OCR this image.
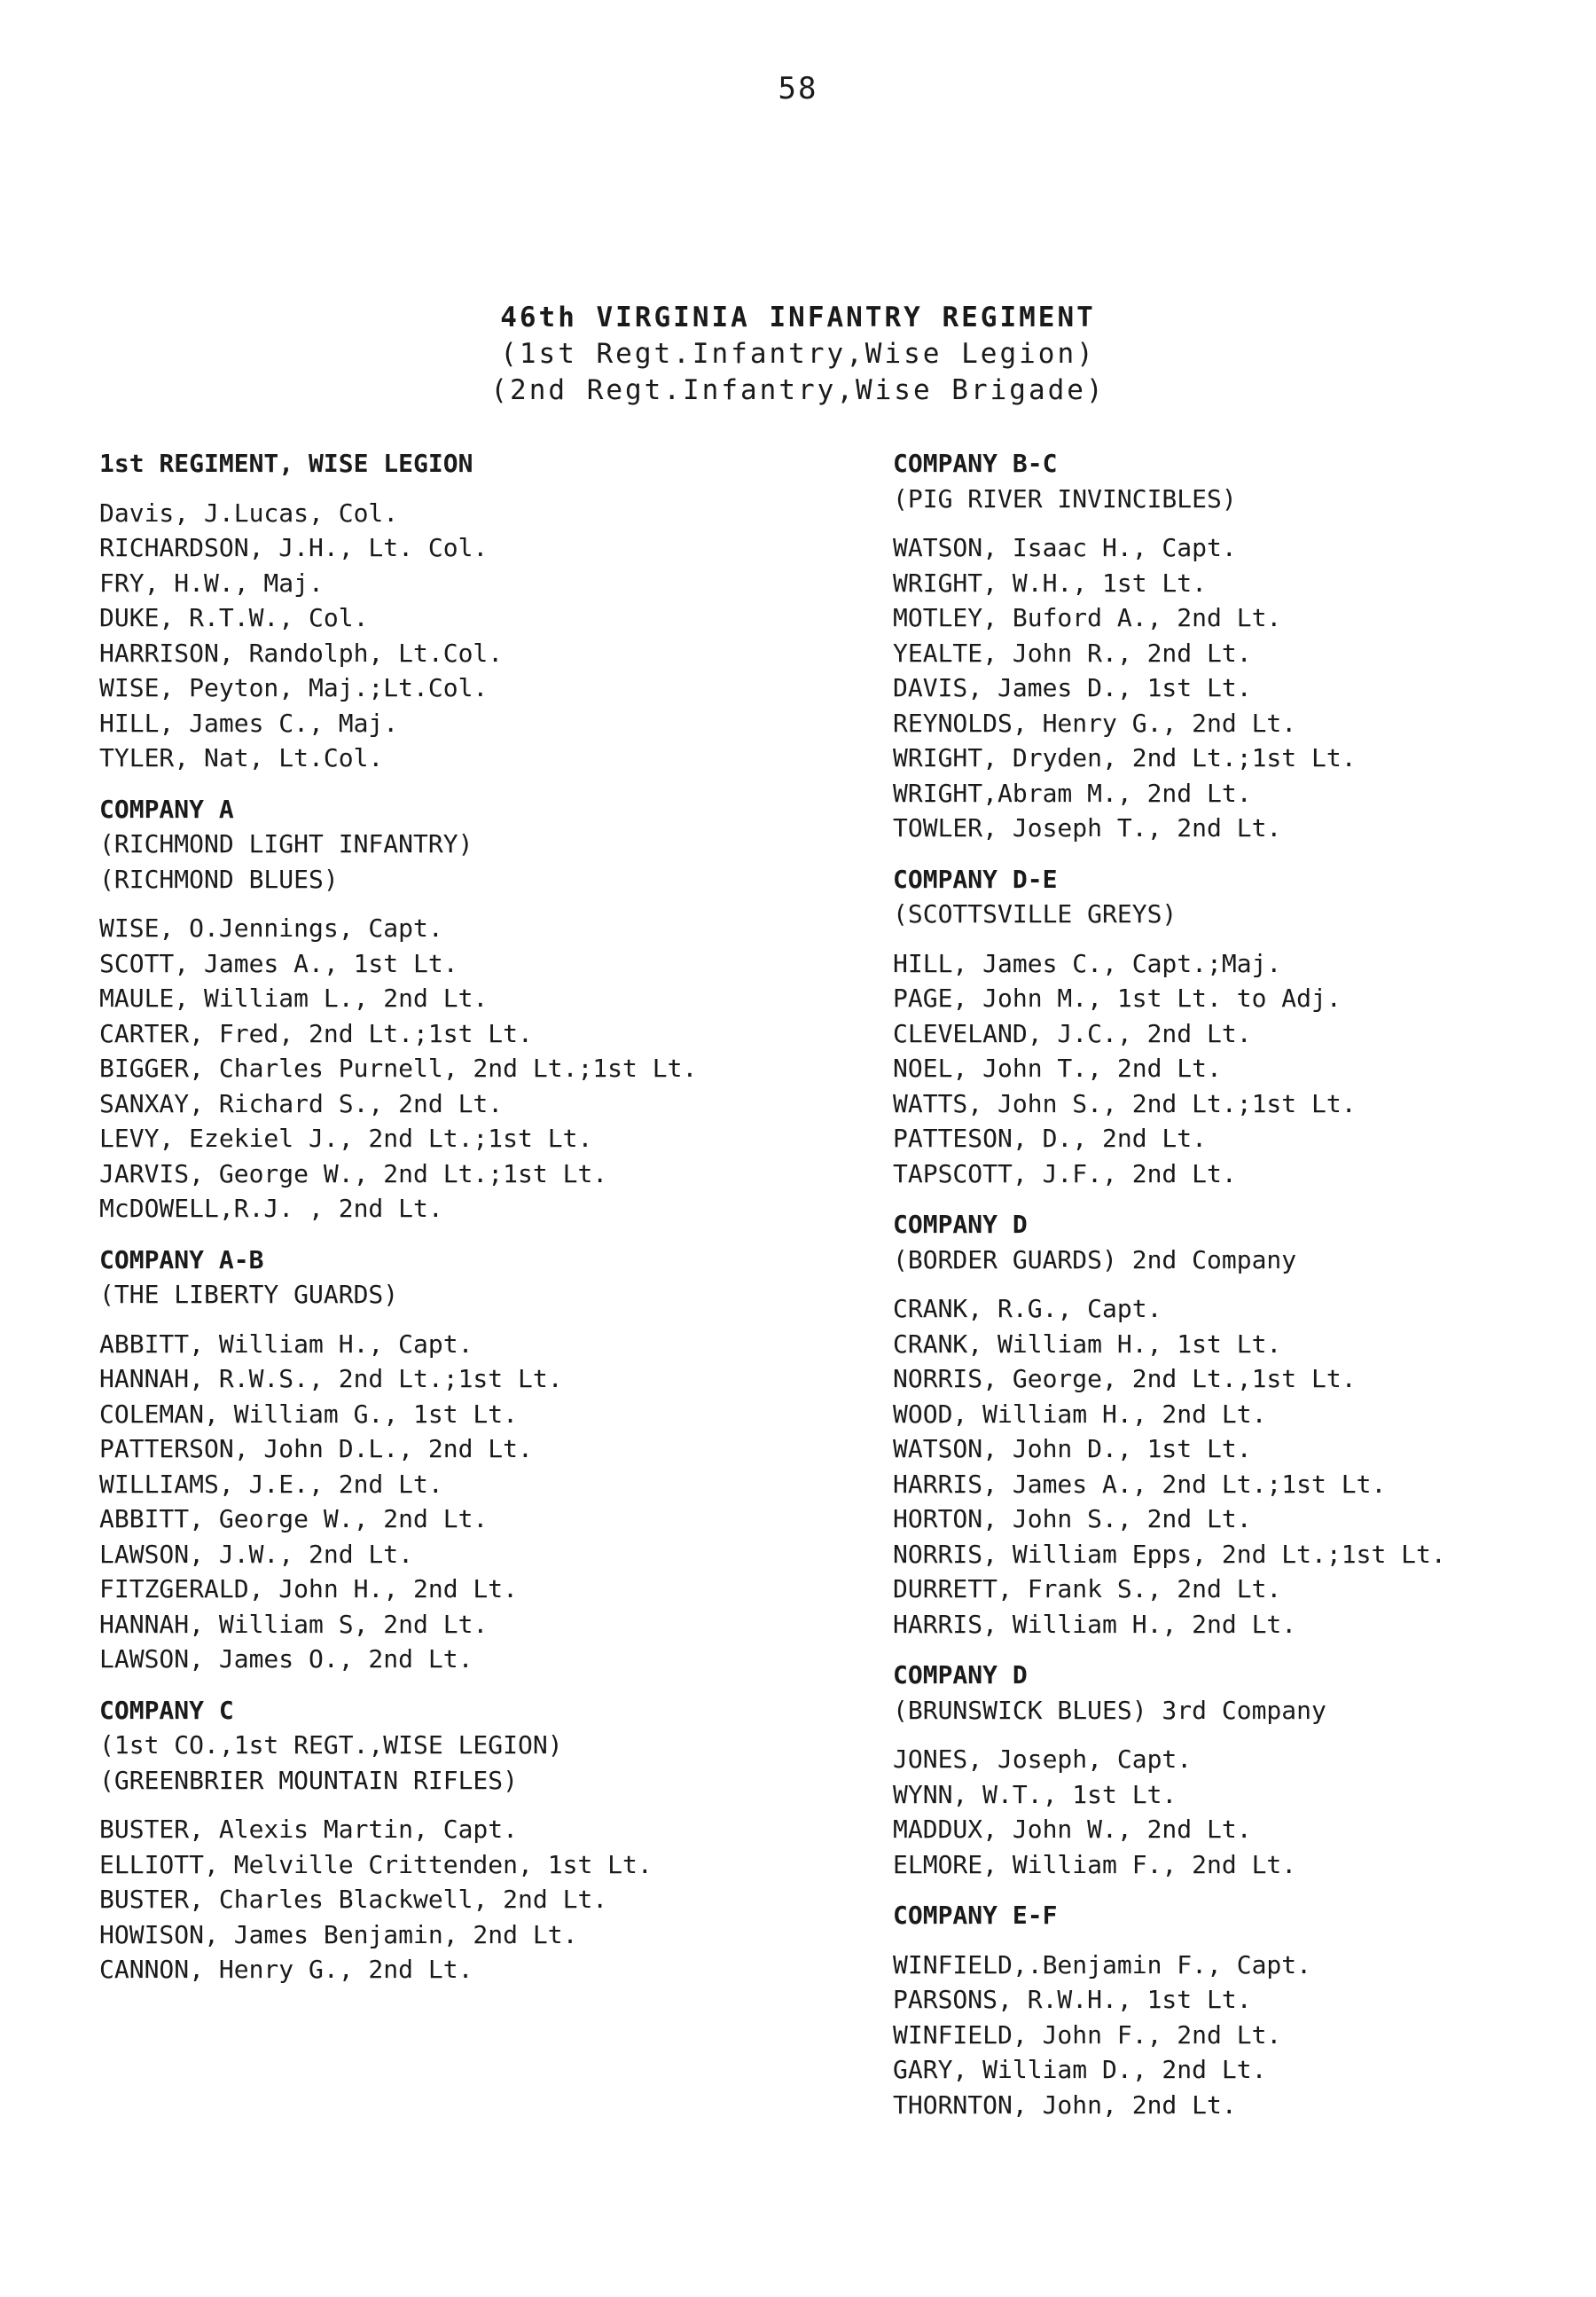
58
46th VIRGINIA INFANTRY REGIMENT
(1st Regt.Infantry,Wise Legion)
(2nd Regt.Infantry,Wise Brigade)
1st REGIMENT, WISE LEGION
Davis, J.Lucas, Col.
RICHARDSON, J.H., Lt. Col.
FRY, H.W., Maj.
DUKE, R.T.W., Col.
HARRISON, Randolph, Lt.Col.
WISE, Peyton, Maj.;Lt.Col.
HILL, James C., Maj.
TYLER, Nat, Lt.Col.
COMPANY A
(RICHMOND LIGHT INFANTRY)
(RICHMOND BLUES)
WISE, O.Jennings, Capt.
SCOTT, James A., 1st Lt.
MAULE, William L., 2nd Lt.
CARTER, Fred, 2nd Lt.;1st Lt.
BIGGER, Charles Purnell, 2nd Lt.;1st Lt.
SANXAY, Richard S., 2nd Lt.
LEVY, Ezekiel J., 2nd Lt.;1st Lt.
JARVIS, George W., 2nd Lt.;1st Lt.
McDOWELL,R.J. , 2nd Lt.
COMPANY A-B
(THE LIBERTY GUARDS)
ABBITT, William H., Capt.
HANNAH, R.W.S., 2nd Lt.;1st Lt.
COLEMAN, William G., 1st Lt.
PATTERSON, John D.L., 2nd Lt.
WILLIAMS, J.E., 2nd Lt.
ABBITT, George W., 2nd Lt.
LAWSON, J.W., 2nd Lt.
FITZGERALD, John H., 2nd Lt.
HANNAH, William S, 2nd Lt.
LAWSON, James O., 2nd Lt.
COMPANY C
(1st CO.,1st REGT.,WISE LEGION)
(GREENBRIER MOUNTAIN RIFLES)
BUSTER, Alexis Martin, Capt.
ELLIOTT, Melville Crittenden, 1st Lt.
BUSTER, Charles Blackwell, 2nd Lt.
HOWISON, James Benjamin, 2nd Lt.
CANNON, Henry G., 2nd Lt.
COMPANY B-C
(PIG RIVER INVINCIBLES)
WATSON, Isaac H., Capt.
WRIGHT, W.H., 1st Lt.
MOTLEY, Buford A., 2nd Lt.
YEALTE, John R., 2nd Lt.
DAVIS, James D., 1st Lt.
REYNOLDS, Henry G., 2nd Lt.
WRIGHT, Dryden, 2nd Lt.;1st Lt.
WRIGHT,Abram M., 2nd Lt.
TOWLER, Joseph T., 2nd Lt.
COMPANY D-E
(SCOTTSVILLE GREYS)
HILL, James C., Capt.;Maj.
PAGE, John M., 1st Lt. to Adj.
CLEVELAND, J.C., 2nd Lt.
NOEL, John T., 2nd Lt.
WATTS, John S., 2nd Lt.;1st Lt.
PATTESON, D., 2nd Lt.
TAPSCOTT, J.F., 2nd Lt.
COMPANY D
(BORDER GUARDS) 2nd Company
CRANK, R.G., Capt.
CRANK, William H., 1st Lt.
NORRIS, George, 2nd Lt.,1st Lt.
WOOD, William H., 2nd Lt.
WATSON, John D., 1st Lt.
HARRIS, James A., 2nd Lt.;1st Lt.
HORTON, John S., 2nd Lt.
NORRIS, William Epps, 2nd Lt.;1st Lt.
DURRETT, Frank S., 2nd Lt.
HARRIS, William H., 2nd Lt.
COMPANY D
(BRUNSWICK BLUES) 3rd Company
JONES, Joseph, Capt.
WYNN, W.T., 1st Lt.
MADDUX, John W., 2nd Lt.
ELMORE, William F., 2nd Lt.
COMPANY E-F
WINFIELD,.Benjamin F., Capt.
PARSONS, R.W.H., 1st Lt.
WINFIELD, John F., 2nd Lt.
GARY, William D., 2nd Lt.
THORNTON, John, 2nd Lt.
